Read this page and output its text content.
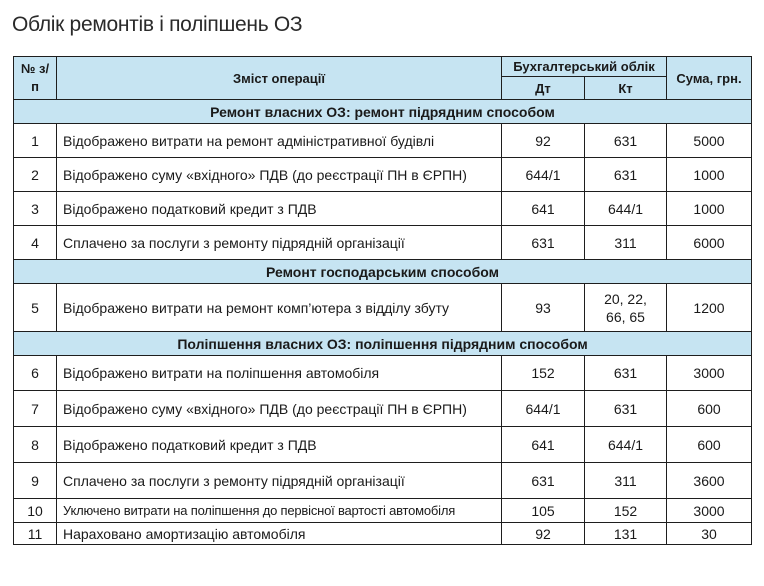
Облік ремонтів і поліпшень ОЗ
№ з/п	Зміст операції	Бухгалтерський облік		Сума, грн.
		Дт	Кт	
Ремонт власних ОЗ: ремонт підрядним способом				
1	Відображено витрати на ремонт адміністративної будівлі	92	631	5000
2	Відображено суму «вхідного» ПДВ (до реєстрації ПН в ЄРПН)	644/1	631	1000
3	Відображено податковий кредит з ПДВ	641	644/1	1000
4	Сплачено за послуги з ремонту підрядній організації	631	311	6000
Ремонт господарським способом				
5	Відображено витрати на ремонт комп’ютера з відділу збуту	93	20, 22, 66, 65	1200
Поліпшення власних ОЗ: поліпшення підрядним способом				
6	Відображено витрати на поліпшення автомобіля	152	631	3000
7	Відображено суму «вхідного» ПДВ (до реєстрації ПН в ЄРПН)	644/1	631	600
8	Відображено податковий кредит з ПДВ	641	644/1	600
9	Сплачено за послуги з ремонту підрядній організації	631	311	3600
10	Уключено витрати на поліпшення до первісної вартості автомобіля	105	152	3000
11	Нараховано амортизацію автомобіля	92	131	30
